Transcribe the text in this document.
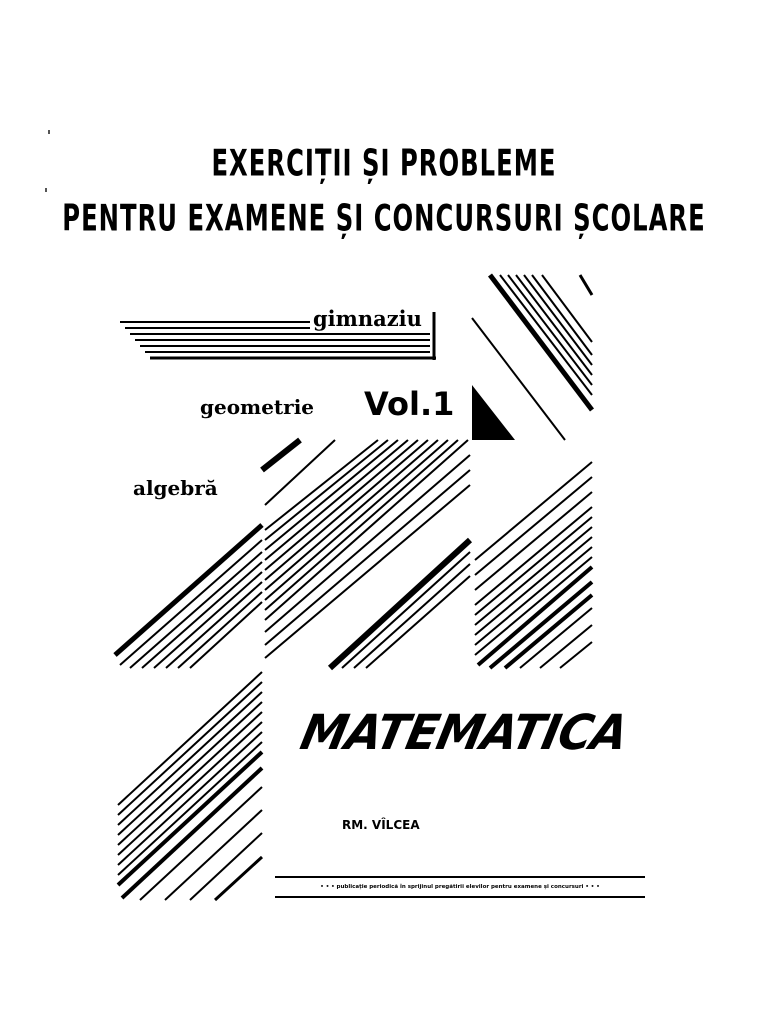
EXERCIȚII ȘI PROBLEME
PENTRU EXAMENE ȘI CONCURSURI ȘCOLARE
gimnaziu
geometrie Vol.1
algebră
MATEMATICA
RM. VÎLCEA
• • • publicație periodică în sprijinul pregătirii elevilor pentru examene și concursuri • • •
